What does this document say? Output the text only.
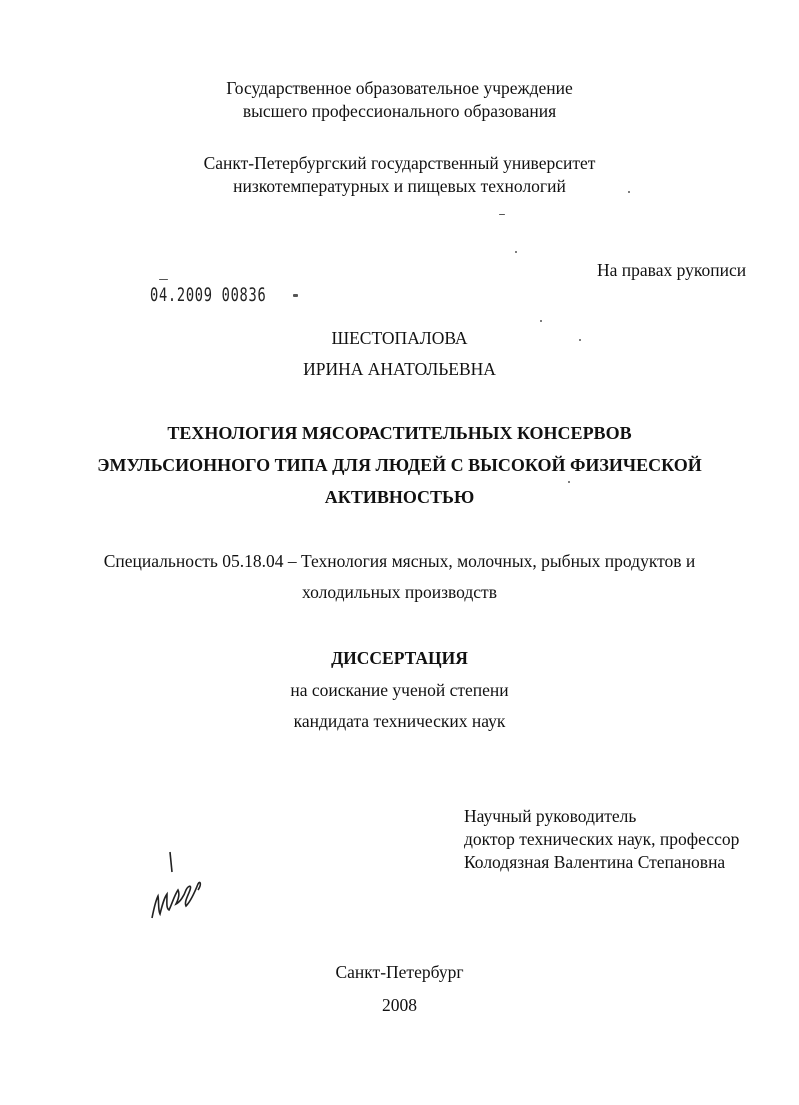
Государственное образовательное учреждение
высшего профессионального образования
Санкт-Петербургский государственный университет
низкотемпературных и пищевых технологий
На правах рукописи
04.2009 00836
ШЕСТОПАЛОВА
ИРИНА АНАТОЛЬЕВНА
ТЕХНОЛОГИЯ МЯСОРАСТИТЕЛЬНЫХ КОНСЕРВОВ
ЭМУЛЬСИОННОГО ТИПА ДЛЯ ЛЮДЕЙ С ВЫСОКОЙ ФИЗИЧЕСКОЙ
АКТИВНОСТЬЮ
Специальность 05.18.04 – Технология мясных, молочных, рыбных продуктов и
холодильных производств
ДИССЕРТАЦИЯ
на соискание ученой степени
кандидата технических наук
Научный руководитель
доктор технических наук, профессор
Колодязная Валентина Степановна
Санкт-Петербург
2008
